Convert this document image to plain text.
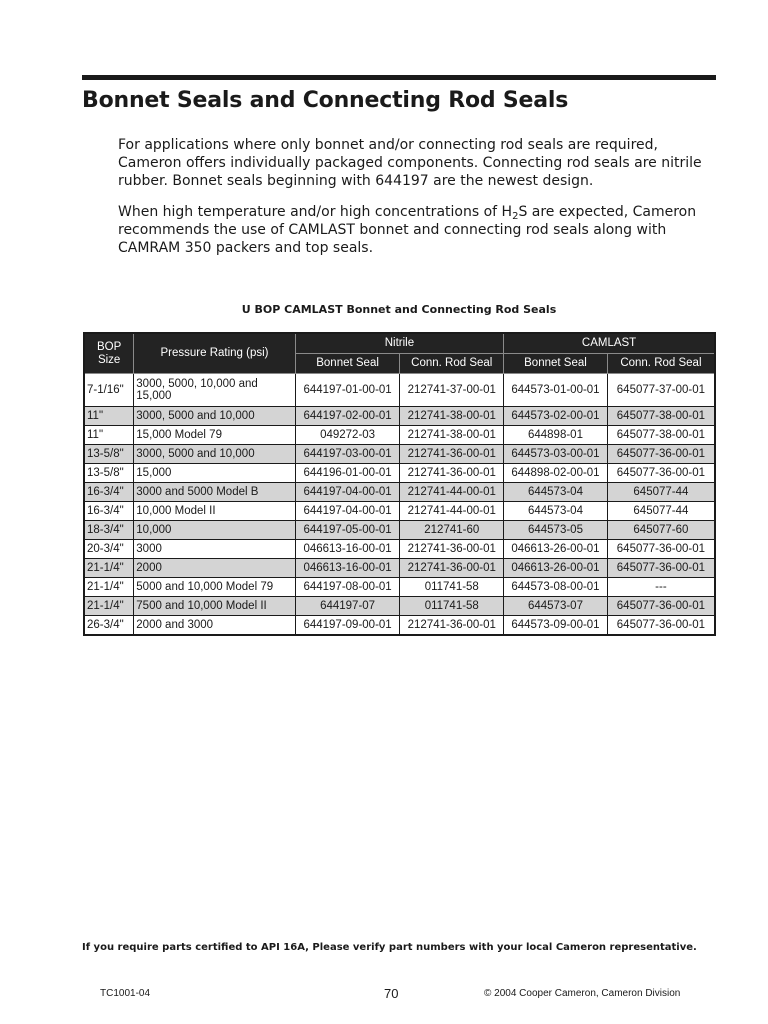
Bonnet Seals and Connecting Rod Seals

For applications where only bonnet and/or connecting rod seals are required, Cameron offers individually packaged components. Connecting rod seals are nitrile rubber. Bonnet seals beginning with 644197 are the newest design.

When high temperature and/or high concentrations of $H_2S$ are expected, Cameron recommends the use of CAMLAST bonnet and connecting rod seals along with CAMRAM 350 packers and top seals.

U BOP CAMLAST Bonnet and Connecting Rod Seals
BOP Size	Pressure Rating (psi)	Nitrile		CAMLAST	
		Bonnet Seal	Conn. Rod Seal	Bonnet Seal	Conn. Rod Seal
7-1/16"	3000, 5000, 10,000 and 15,000	644197-01-00-01	212741-37-00-01	644573-01-00-01	645077-37-00-01
11"	3000, 5000 and 10,000	644197-02-00-01	212741-38-00-01	644573-02-00-01	645077-38-00-01
11"	15,000 Model 79	049272-03	212741-38-00-01	644898-01	645077-38-00-01
13-5/8"	3000, 5000 and 10,000	644197-03-00-01	212741-36-00-01	644573-03-00-01	645077-36-00-01
13-5/8"	15,000	644196-01-00-01	212741-36-00-01	644898-02-00-01	645077-36-00-01
16-3/4"	3000 and 5000 Model B	644197-04-00-01	212741-44-00-01	644573-04	645077-44
16-3/4"	10,000 Model II	644197-04-00-01	212741-44-00-01	644573-04	645077-44
18-3/4"	10,000	644197-05-00-01	212741-60	644573-05	645077-60
20-3/4"	3000	046613-16-00-01	212741-36-00-01	046613-26-00-01	645077-36-00-01
21-1/4"	2000	046613-16-00-01	212741-36-00-01	046613-26-00-01	645077-36-00-01
21-1/4"	5000 and 10,000 Model 79	644197-08-00-01	011741-58	644573-08-00-01	---
21-1/4"	7500 and 10,000 Model II	644197-07	011741-58	644573-07	645077-36-00-01
26-3/4"	2000 and 3000	644197-09-00-01	212741-36-00-01	644573-09-00-01	645077-36-00-01

If you require parts certified to API 16A, Please verify part numbers with your local Cameron representative.

TC1001-04	70	© 2004 Cooper Cameron, Cameron Division
